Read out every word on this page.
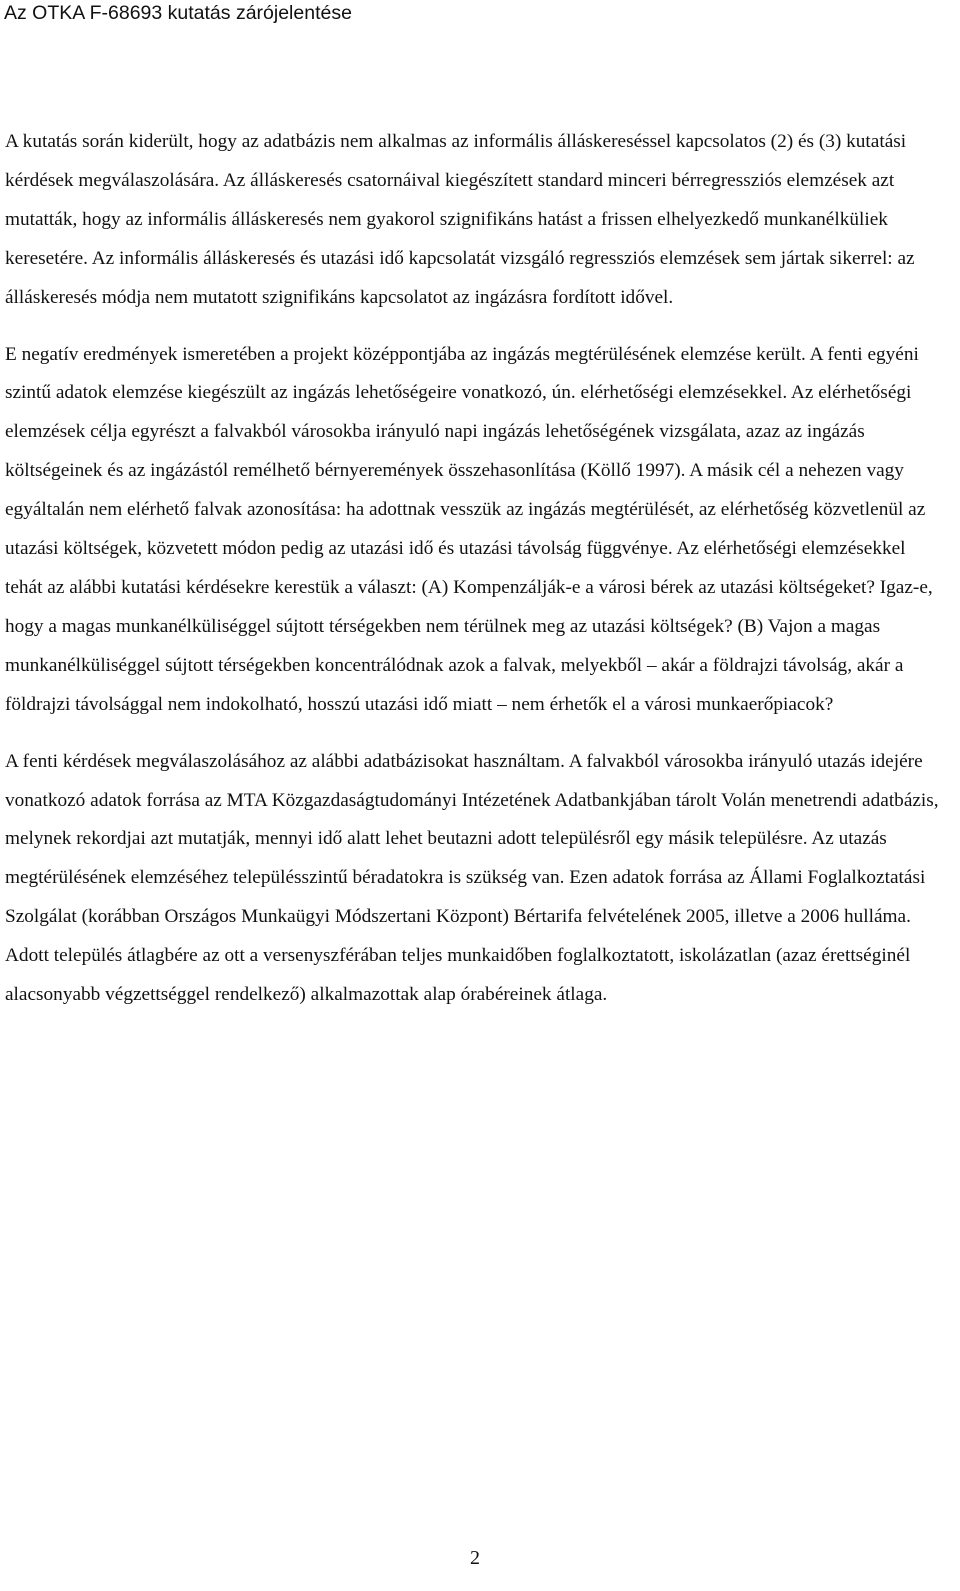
Az OTKA F-68693 kutatás zárójelentése

A kutatás során kiderült, hogy az adatbázis nem alkalmas az informális álláskereséssel kapcsolatos (2) és (3) kutatási kérdések megválaszolására. Az álláskeresés csatornáival kiegészített standard minceri bérregressziós elemzések azt mutatták, hogy az informális álláskeresés nem gyakorol szignifikáns hatást a frissen elhelyezkedő munkanélküliek keresetére. Az informális álláskeresés és utazási idő kapcsolatát vizsgáló regressziós elemzések sem jártak sikerrel: az álláskeresés módja nem mutatott szignifikáns kapcsolatot az ingázásra fordított idővel.

E negatív eredmények ismeretében a projekt középpontjába az ingázás megtérülésének elemzése került. A fenti egyéni szintű adatok elemzése kiegészült az ingázás lehetőségeire vonatkozó, ún. elérhetőségi elemzésekkel. Az elérhetőségi elemzések célja egyrészt a falvakból városokba irányuló napi ingázás lehetőségének vizsgálata, azaz az ingázás költségeinek és az ingázástól remélhető bérnyeremények összehasonlítása (Köllő 1997). A másik cél a nehezen vagy egyáltalán nem elérhető falvak azonosítása: ha adottnak vesszük az ingázás megtérülését, az elérhetőség közvetlenül az utazási költségek, közvetett módon pedig az utazási idő és utazási távolság függvénye. Az elérhetőségi elemzésekkel tehát az alábbi kutatási kérdésekre kerestük a választ: (A) Kompenzálják-e a városi bérek az utazási költségeket? Igaz-e, hogy a magas munkanélküliséggel sújtott térségekben nem térülnek meg az utazási költségek? (B) Vajon a magas munkanélküliséggel sújtott térségekben koncentrálódnak azok a falvak, melyekből – akár a földrajzi távolság, akár a földrajzi távolsággal nem indokolható, hosszú utazási idő miatt – nem érhetők el a városi munkaerőpiacok?

A fenti kérdések megválaszolásához az alábbi adatbázisokat használtam. A falvakból városokba irányuló utazás idejére vonatkozó adatok forrása az MTA Közgazdaságtudományi Intézetének Adatbankjában tárolt Volán menetrendi adatbázis, melynek rekordjai azt mutatják, mennyi idő alatt lehet beutazni adott településről egy másik településre. Az utazás megtérülésének elemzéséhez településszintű béradatokra is szükség van. Ezen adatok forrása az Állami Foglalkoztatási Szolgálat (korábban Országos Munkaügyi Módszertani Központ) Bértarifa felvételének 2005, illetve a 2006 hulláma. Adott település átlagbére az ott a versenyszférában teljes munkaidőben foglalkoztatott, iskolázatlan (azaz érettséginél alacsonyabb végzettséggel rendelkező) alkalmazottak alap órabéreinek átlaga.

2
